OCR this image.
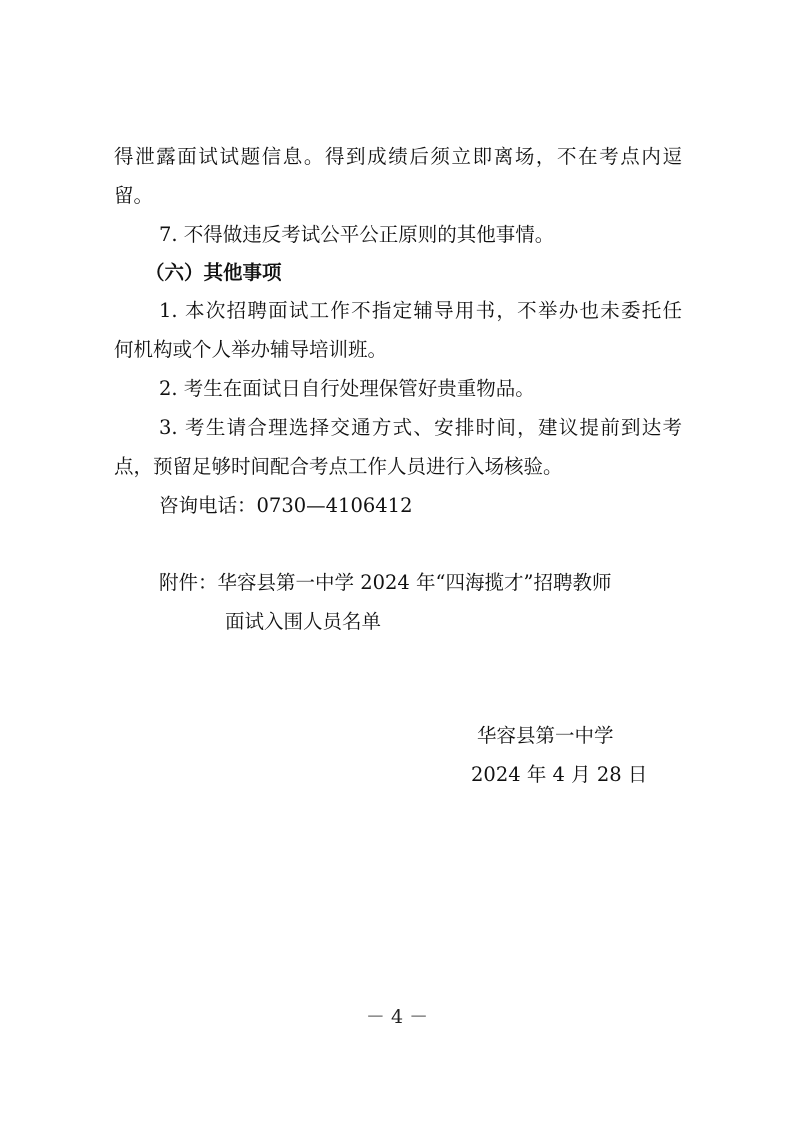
得泄露面试试题信息。得到成绩后须立即离场，不在考点内逗

留。

7. 不得做违反考试公平公正原则的其他事情。

（六）其他事项

1. 本次招聘面试工作不指定辅导用书，不举办也未委托任

何机构或个人举办辅导培训班。

2. 考生在面试日自行处理保管好贵重物品。

3. 考生请合理选择交通方式、安排时间，建议提前到达考

点，预留足够时间配合考点工作人员进行入场核验。

咨询电话：0730—4106412

附件：华容县第一中学 2024 年“四海揽才”招聘教师

面试入围人员名单

华容县第一中学

2024 年 4 月 28 日

－ 4 －
